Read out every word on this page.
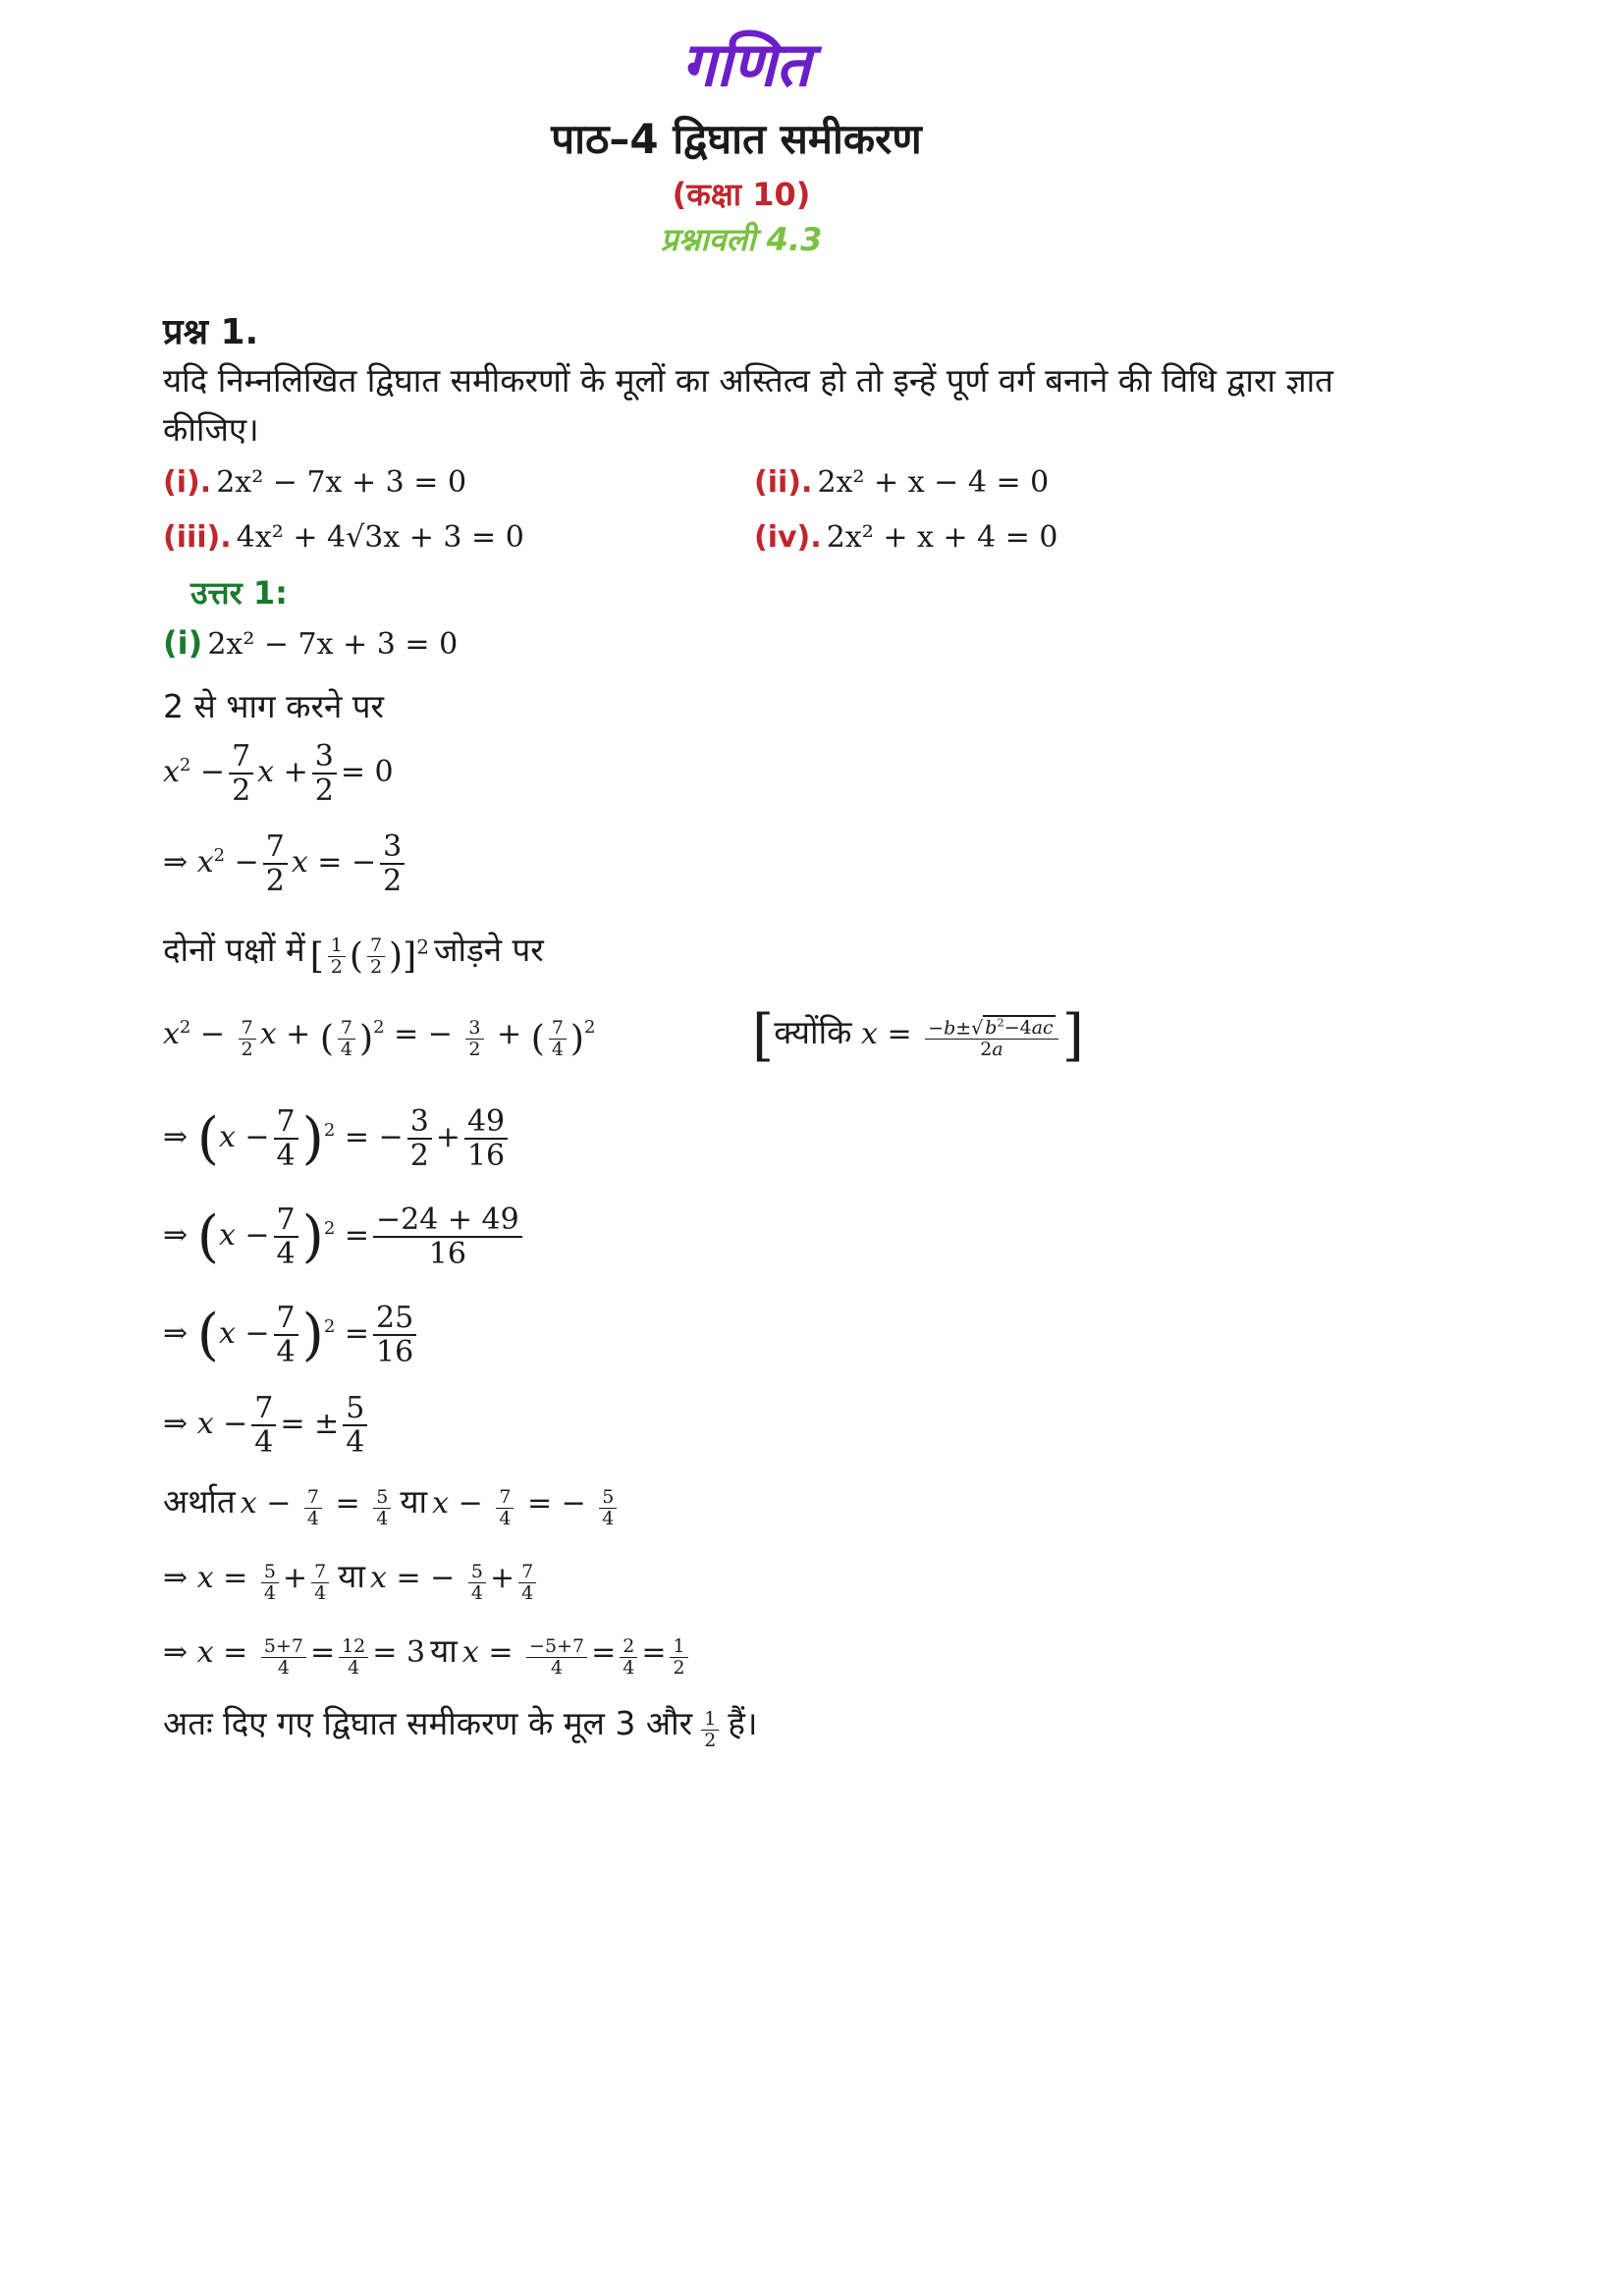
गणित
पाठ–4 द्विघात समीकरण
(कक्षा 10)
प्रश्नावली 4.3
प्रश्न 1.
यदि निम्नलिखित द्विघात समीकरणों के मूलों का अस्तित्व हो तो इन्हें पूर्ण वर्ग बनाने की विधि द्वारा ज्ञात
कीजिए।
(i). 2x² − 7x + 3 = 0	(ii). 2x² + x − 4 = 0
(iii). 4x² + 4√3x + 3 = 0	(iv). 2x² + x + 4 = 0
उत्तर 1:
(i) 2x² − 7x + 3 = 0
2 से भाग करने पर
$x^2 - \frac{7}{2}$ $x + \frac{3}{2} = 0$
⇒ $x^2 - \frac{7}{2}$ x = − $\frac{3}{2}$
दोनों पक्षों में [ $\frac{1}{2}$ ( $\frac{7}{2} )]2$ जोड़ने पर
$x^2 - \frac{7}{2}$ x + ( $\frac{7}{4} )^2$ = − $\frac{3}{2}$ + ( $\frac{7}{4} )^2$	[क्योंकि $x = \frac{-b\pm√ b^2-4ac}{2a}$ ]
⇒ $(x - \frac{7}{4} )^2$ = − $\frac{3}{2} + \frac{49}{16}$
⇒ $(x - \frac{7}{4} )^2 = \frac{-24 + 49}{16}$
⇒ $(x - \frac{7}{4} )^2 = \frac{25}{16}$
⇒ $x - \frac{7}{4}$ = ± $\frac{5}{4}$
अर्थात $x - \frac{7}{4} = \frac{5}{4}$ या $x - \frac{7}{4}$ = − $\frac{5}{4}$
⇒ $x = \frac{5}{4} + \frac{7}{4}$ या x = − $\frac{5}{4} + \frac{7}{4}$
⇒ $x = \frac{5+7}{4} = \frac{12}{4} = 3$ या $x = \frac{-5+7}{4} = \frac{2}{4} = \frac{1}{2}$
अतः दिए गए द्विघात समीकरण के मूल 3 और $\frac{1}{2}$ हैं।
